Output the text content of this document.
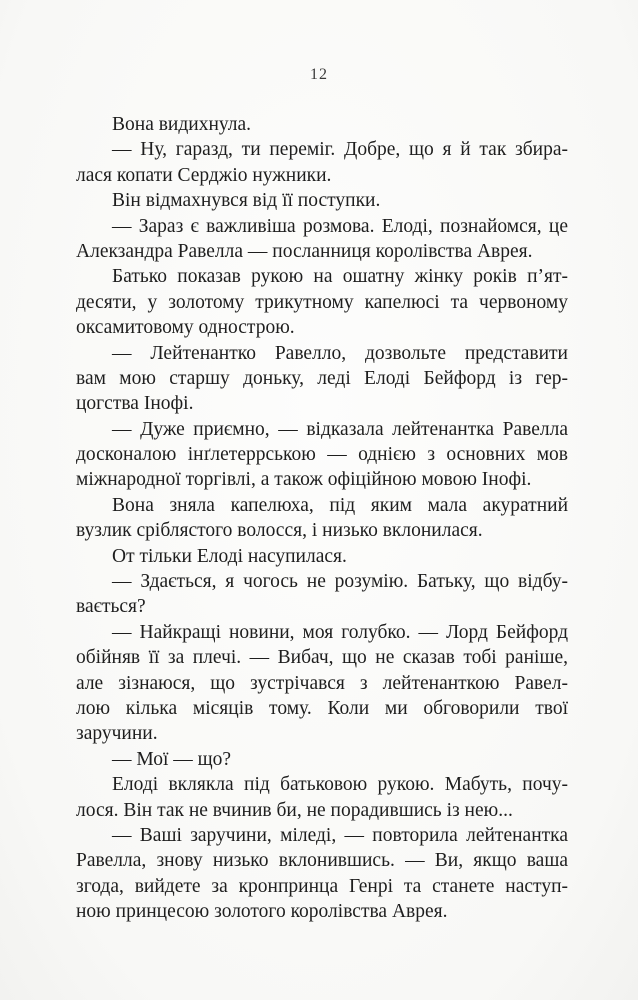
12
Вона видихнула.
— Ну, гаразд, ти переміг. Добре, що я й так збира-
лася копати Серджіо нужники.
Він відмахнувся від її поступки.
— Зараз є важливіша розмова. Елоді, познайомся, це
Алекзандра Равелла — посланниця королівства Аврея.
Батько показав рукою на ошатну жінку років п’ят-
десяти, у золотому трикутному капелюсі та червоному
оксамитовому однострою.
— Лейтенантко Равелло, дозвольте представити
вам мою старшу доньку, леді Елоді Бейфорд із гер-
цогства Інофі.
— Дуже приємно, — відказала лейтенантка Равелла
досконалою інґлетеррською — однією з основних мов
міжнародної торгівлі, а також офіційною мовою Інофі.
Вона зняла капелюха, під яким мала акуратний
вузлик сріблястого волосся, і низько вклонилася.
От тільки Елоді насупилася.
— Здається, я чогось не розумію. Батьку, що відбу-
вається?
— Найкращі новини, моя голубко. — Лорд Бейфорд
обійняв її за плечі. — Вибач, що не сказав тобі раніше,
але зізнаюся, що зустрічався з лейтенанткою Равел-
лою кілька місяців тому. Коли ми обговорили твої
заручини.
— Мої — що?
Елоді вклякла під батьковою рукою. Мабуть, почу-
лося. Він так не вчинив би, не порадившись із нею...
— Ваші заручини, міледі, — повторила лейтенантка
Равелла, знову низько вклонившись. — Ви, якщо ваша
згода, вийдете за кронпринца Генрі та станете наступ-
ною принцесою золотого королівства Аврея.
